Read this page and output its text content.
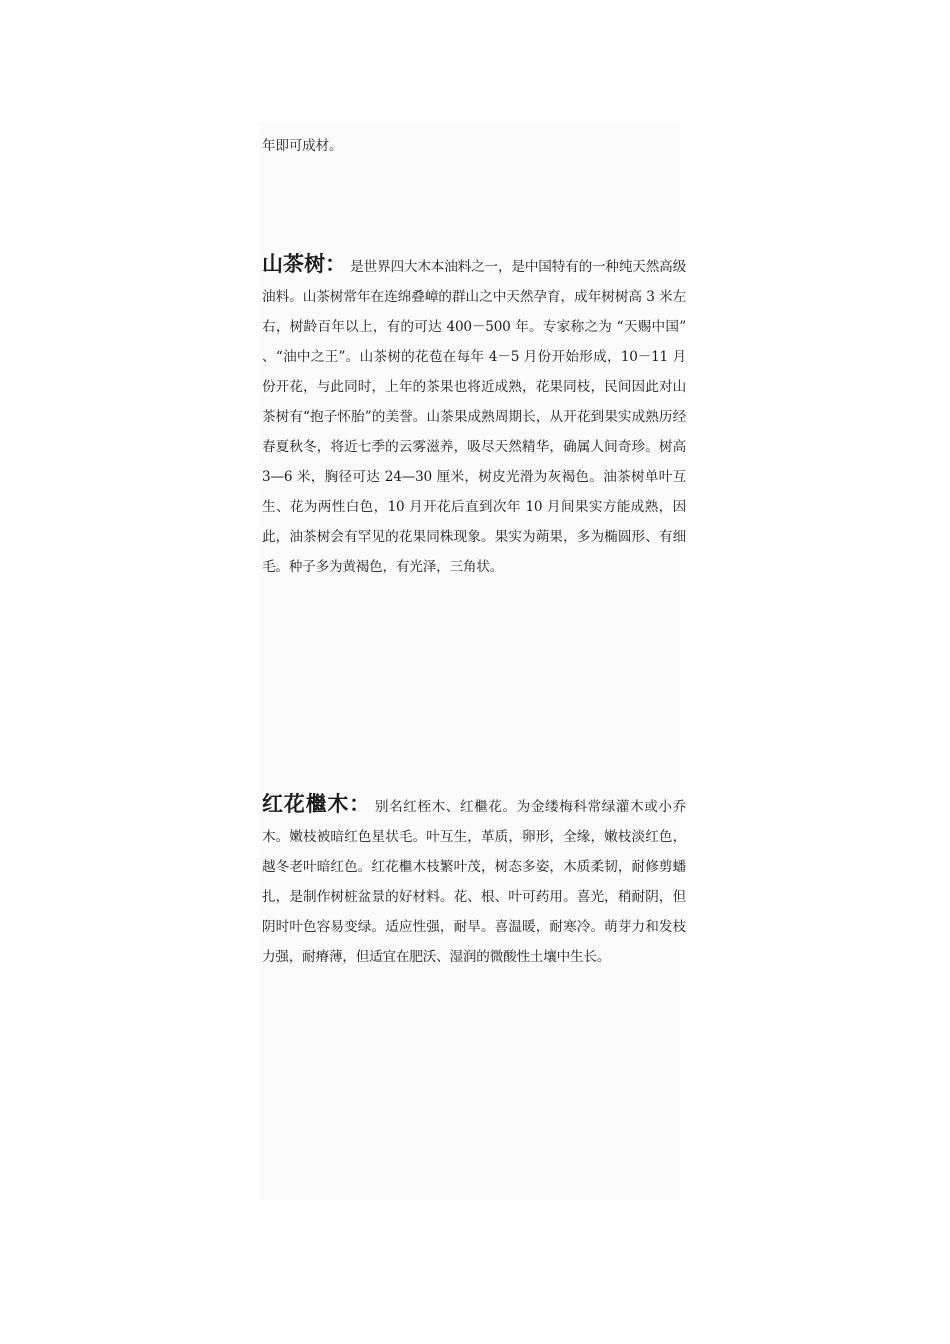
年即可成材。
山茶树： 是世界四大木本油料之一，是中国特有的一种纯天然高级油料。山茶树常年在连绵叠嶂的群山之中天然孕育，成年树树高 3 米左右，树龄百年以上，有的可达 400－500 年。专家称之为 “天赐中国” 、“油中之王”。山茶树的花苞在每年 4－5 月份开始形成，10－11 月份开花，与此同时，上年的茶果也将近成熟，花果同枝，民间因此对山茶树有“抱子怀胎”的美誉。山茶果成熟周期长，从开花到果实成熟历经春夏秋冬，将近七季的云雾滋养，吸尽天然精华，确属人间奇珍。树高 3—6 米，胸径可达 24—30 厘米，树皮光滑为灰褐色。油茶树单叶互生、花为两性白色，10 月开花后直到次年 10 月间果实方能成熟，因此，油茶树会有罕见的花果同株现象。果实为蒴果，多为椭圆形、有细毛。种子多为黄褐色，有光泽，三角状。
红花檵木： 别名红桎木、红檵花。为金缕梅科常绿灌木或小乔木。嫩枝被暗红色星状毛。叶互生，革质，卵形，全缘，嫩枝淡红色，越冬老叶暗红色。红花檵木枝繁叶茂，树态多姿，木质柔韧，耐修剪蟠扎，是制作树桩盆景的好材料。花、根、叶可药用。喜光，稍耐阴，但阴时叶色容易变绿。适应性强，耐旱。喜温暖，耐寒冷。萌芽力和发枝力强，耐瘠薄，但适宜在肥沃、湿润的微酸性土壤中生长。
